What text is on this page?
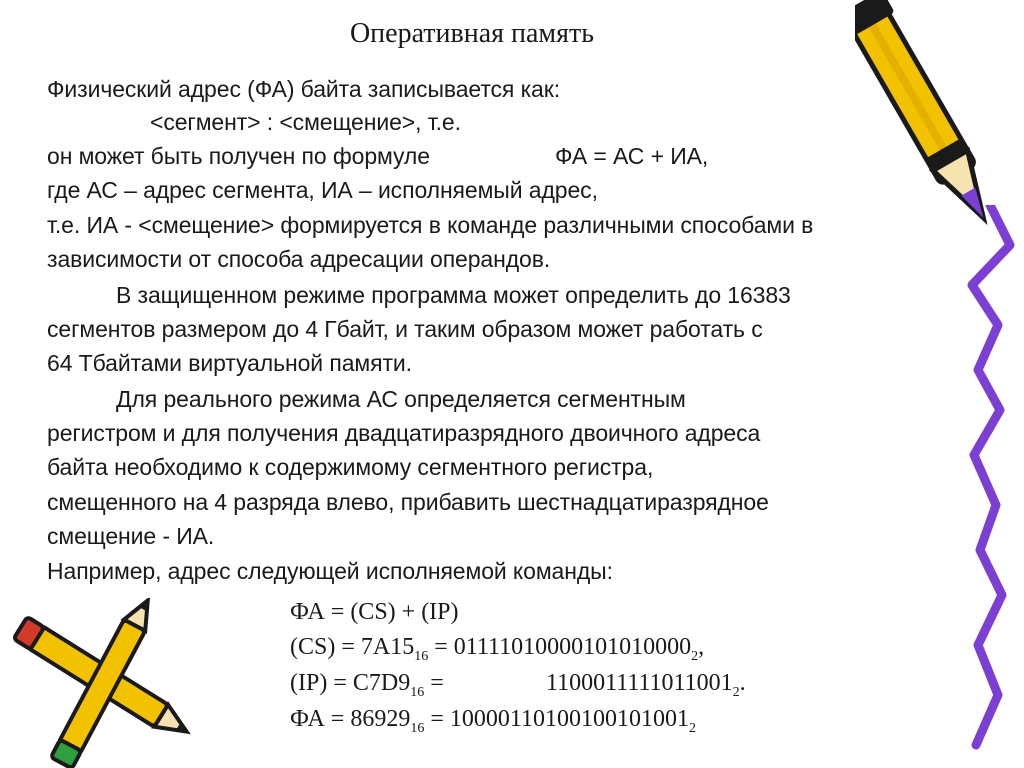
Оперативная память
Физический адрес (ФА) байта записывается как:
<сегмент> : <смещение>, т.е.
он может быть получен по формуле	ФА = АС + ИА,
где АС – адрес сегмента, ИА – исполняемый адрес,
т.е. ИА - <смещение> формируется в команде различными способами в
зависимости от способа адресации операндов.
В защищенном режиме программа может определить до 16383
сегментов размером до 4 Гбайт, и таким образом может работать с
64 Тбайтами виртуальной памяти.
Для реального режима АС определяется сегментным
регистром и для получения двадцатиразрядного двоичного адреса
байта необходимо к содержимому сегментного регистра,
смещенного на 4 разряда влево, прибавить шестнадцатиразрядное
смещение - ИА.
Например, адрес следующей исполняемой команды:
ФА = (CS) + (IP)
$(CS) = 7A15_{16} = 01111010000101010000_2$,
$(IP) = C7D9_{16}$ =	$1100011111011001_2$.
ФА = $86929_{16} = 10000110100100101001_2$
